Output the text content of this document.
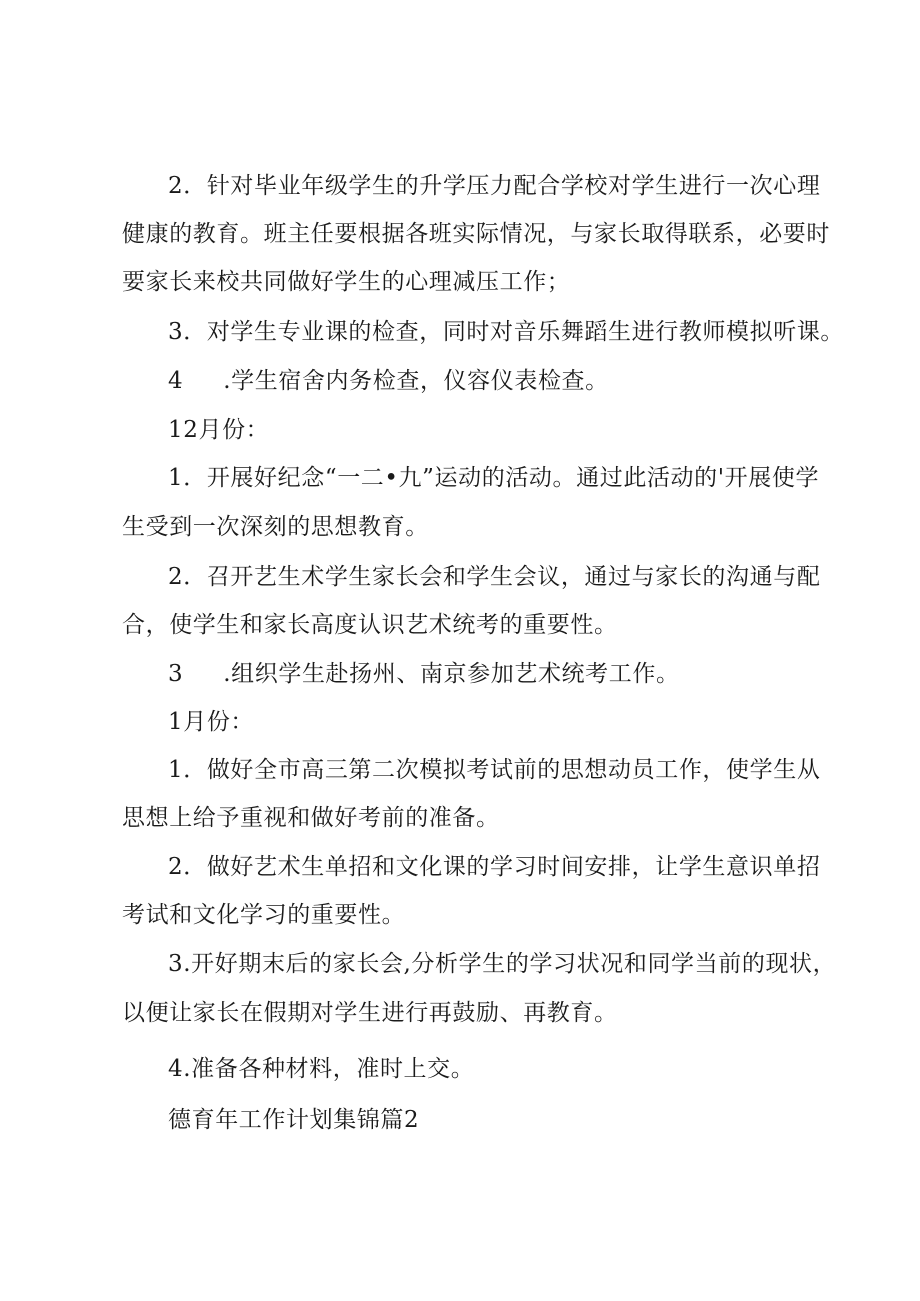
2．针对毕业年级学生的升学压力配合学校对学生进行一次心理
健康的教育。班主任要根据各班实际情况，与家长取得联系，必要时
要家长来校共同做好学生的心理减压工作；
3．对学生专业课的检查，同时对音乐舞蹈生进行教师模拟听课。
4 .学生宿舍内务检查，仪容仪表检查。
12月份：
1．开展好纪念“一二•九”运动的活动。通过此活动的'开展使学
生受到一次深刻的思想教育。
2．召开艺生术学生家长会和学生会议，通过与家长的沟通与配
合，使学生和家长高度认识艺术统考的重要性。
3 .组织学生赴扬州、南京参加艺术统考工作。
1月份：
1．做好全市高三第二次模拟考试前的思想动员工作，使学生从
思想上给予重视和做好考前的准备。
2．做好艺术生单招和文化课的学习时间安排，让学生意识单招
考试和文化学习的重要性。
3.开好期末后的家长会,分析学生的学习状况和同学当前的现状，
以便让家长在假期对学生进行再鼓励、再教育。
4.准备各种材料，准时上交。
德育年工作计划集锦篇2
